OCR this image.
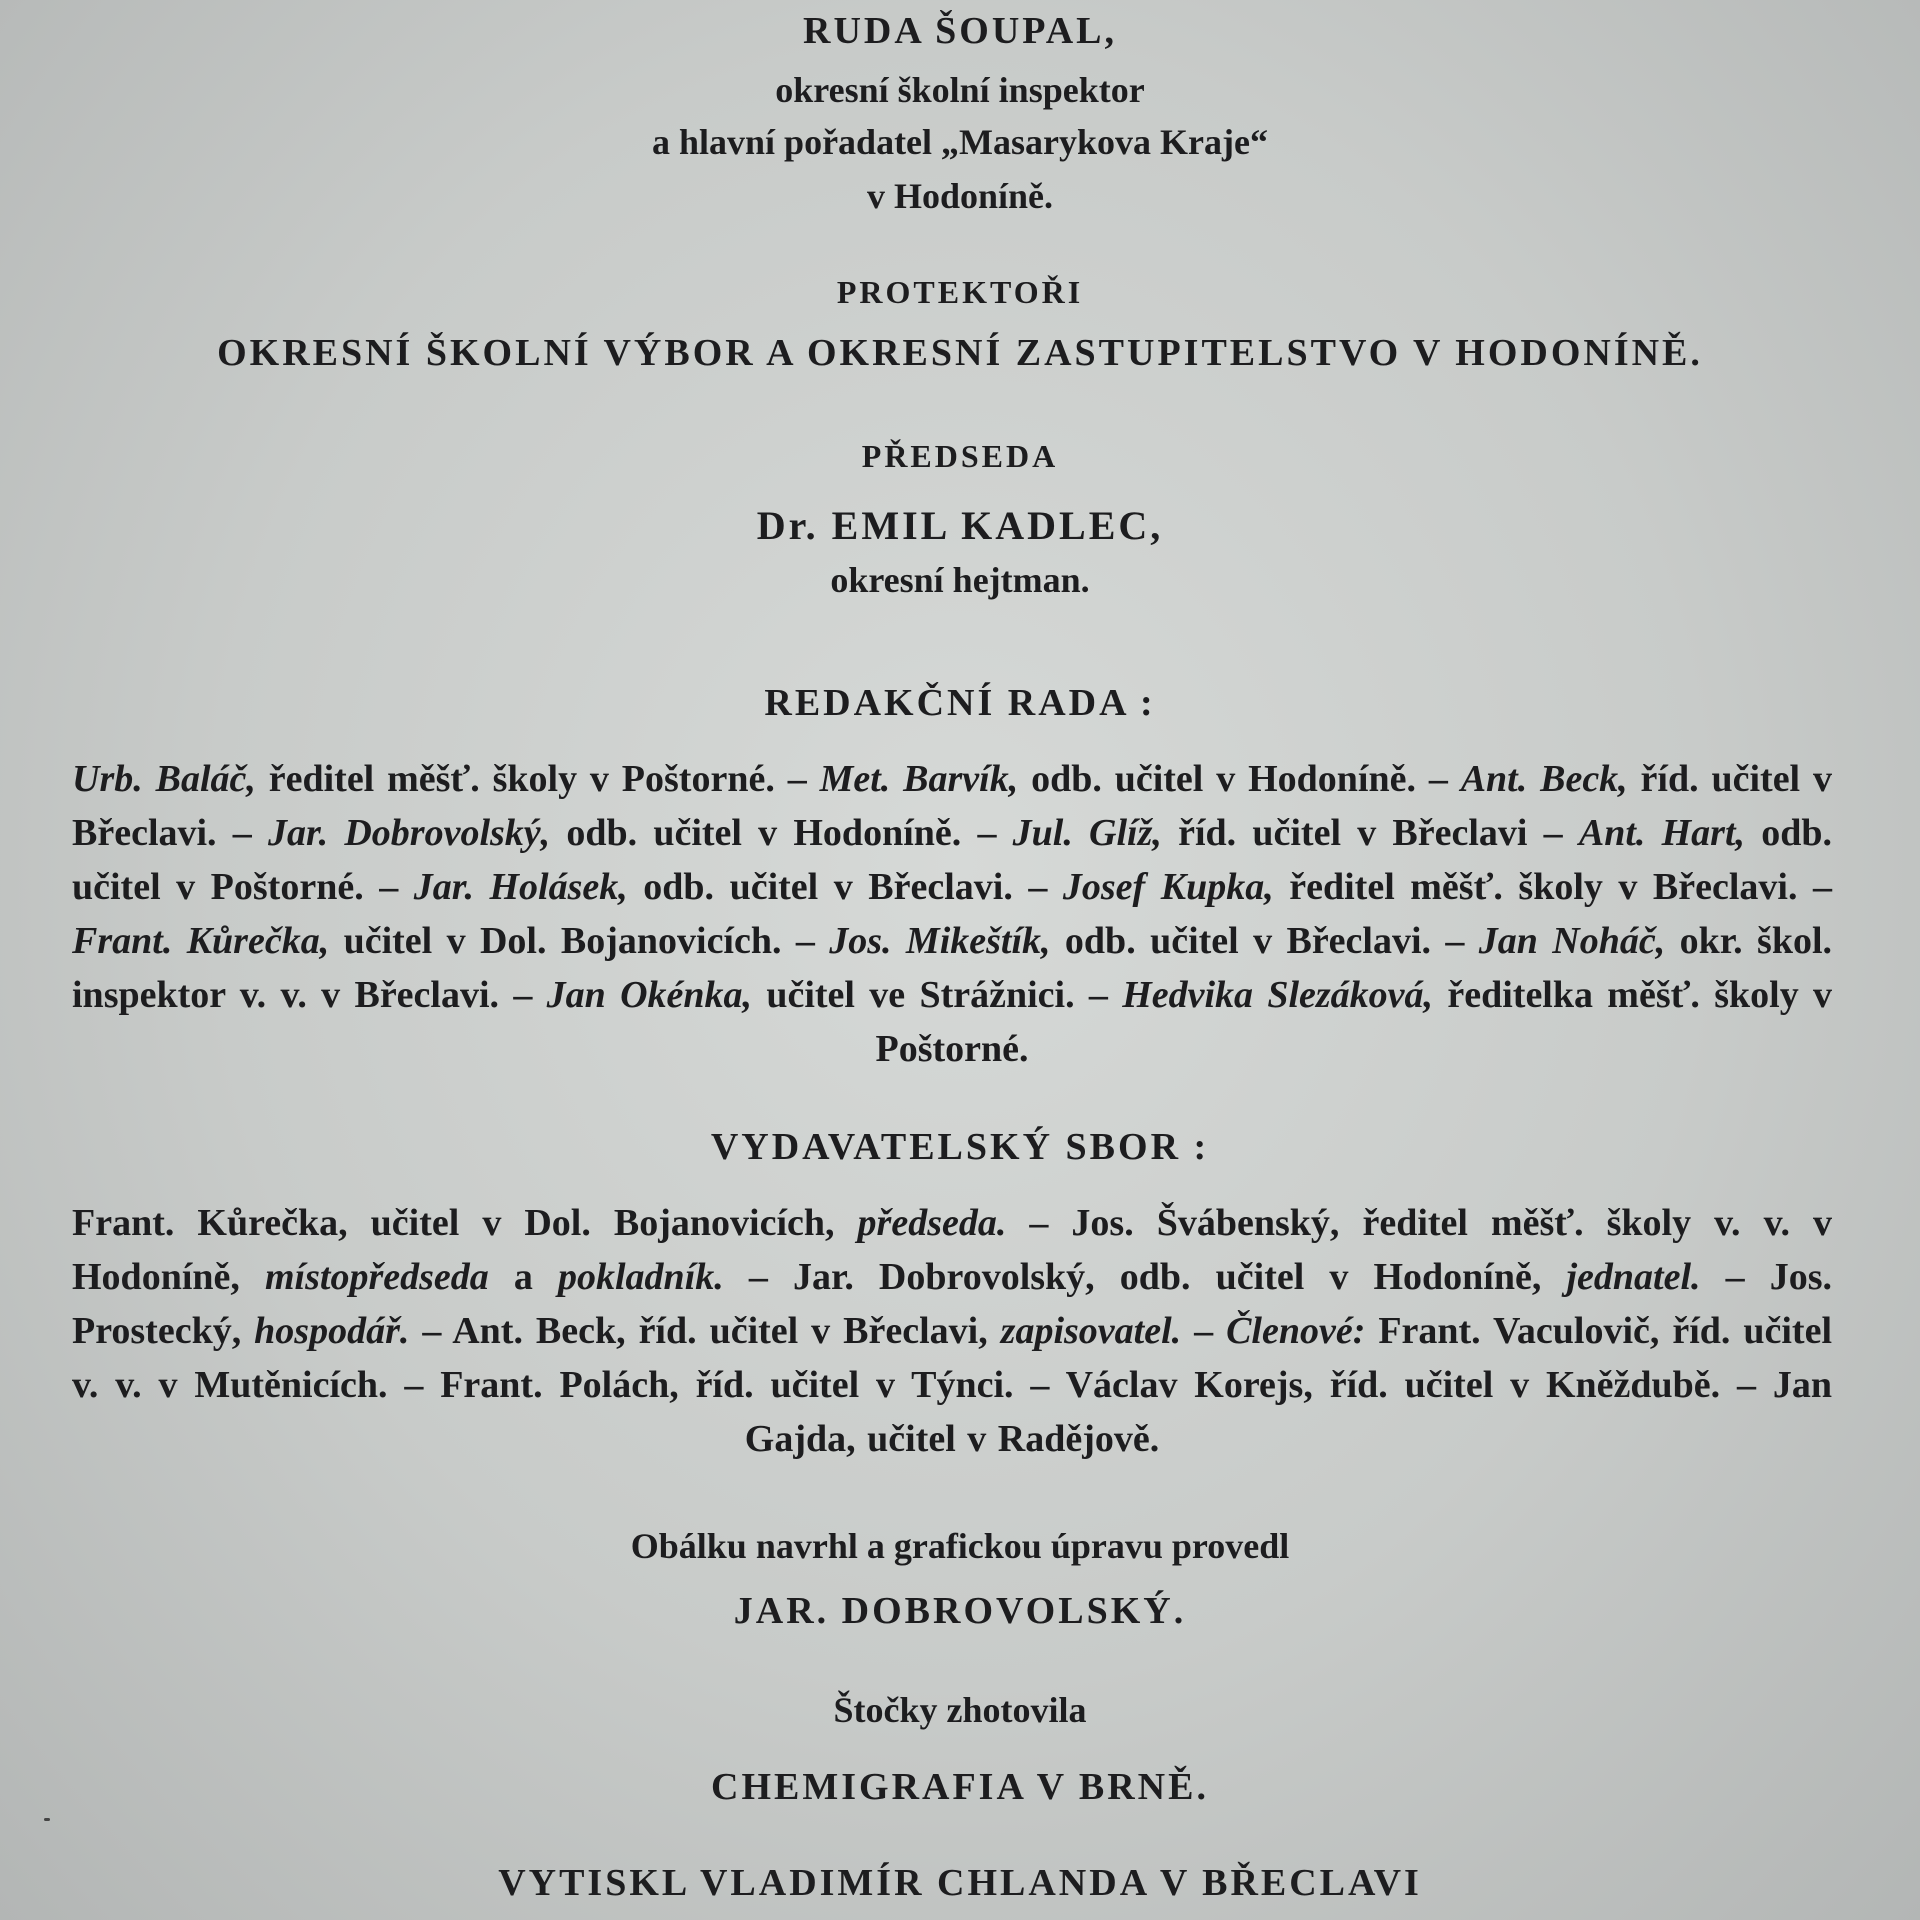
RUDA ŠOUPAL,
okresní školní inspektor
a hlavní pořadatel „Masarykova Kraje“
v Hodoníně.
PROTEKTOŘI
OKRESNÍ ŠKOLNÍ VÝBOR A OKRESNÍ ZASTUPITELSTVO V HODONÍNĚ.
PŘEDSEDA
Dr. EMIL KADLEC,
okresní hejtman.
REDAKČNÍ RADA :
Urb. Baláč, ředitel měšť. školy v Poštorné. – Met. Barvík, odb. učitel v Hodoníně. – Ant. Beck, říd. učitel v Břeclavi. – Jar. Dobrovolský, odb. učitel v Hodoníně. – Jul. Glíž, říd. učitel v Břeclavi – Ant. Hart, odb. učitel v Poštorné. – Jar. Holásek, odb. učitel v Břeclavi. – Josef Kupka, ředitel měšť. školy v Břeclavi. – Frant. Kůrečka, učitel v Dol. Bojanovicích. – Jos. Mikeštík, odb. učitel v Břeclavi. – Jan Noháč, okr. škol. inspektor v. v. v Břeclavi. – Jan Okénka, učitel ve Strážnici. – Hedvika Slezáková, ředitelka měšť. školy v Poštorné.
VYDAVATELSKÝ SBOR :
Frant. Kůrečka, učitel v Dol. Bojanovicích, předseda. – Jos. Švábenský, ředitel měšť. školy v. v. v Hodoníně, místopředseda a pokladník. – Jar. Dobrovolský, odb. učitel v Hodoníně, jednatel. – Jos. Prostecký, hospodář. – Ant. Beck, říd. učitel v Břeclavi, zapisovatel. – Členové: Frant. Vaculovič, říd. učitel v. v. v Mutěnicích. – Frant. Polách, říd. učitel v Týnci. – Václav Korejs, říd. učitel v Kněždubě. – Jan Gajda, učitel v Radějově.
Obálku navrhl a grafickou úpravu provedl
JAR. DOBROVOLSKÝ.
Štočky zhotovila
CHEMIGRAFIA V BRNĚ.
VYTISKL VLADIMÍR CHLANDA V BŘECLAVI
